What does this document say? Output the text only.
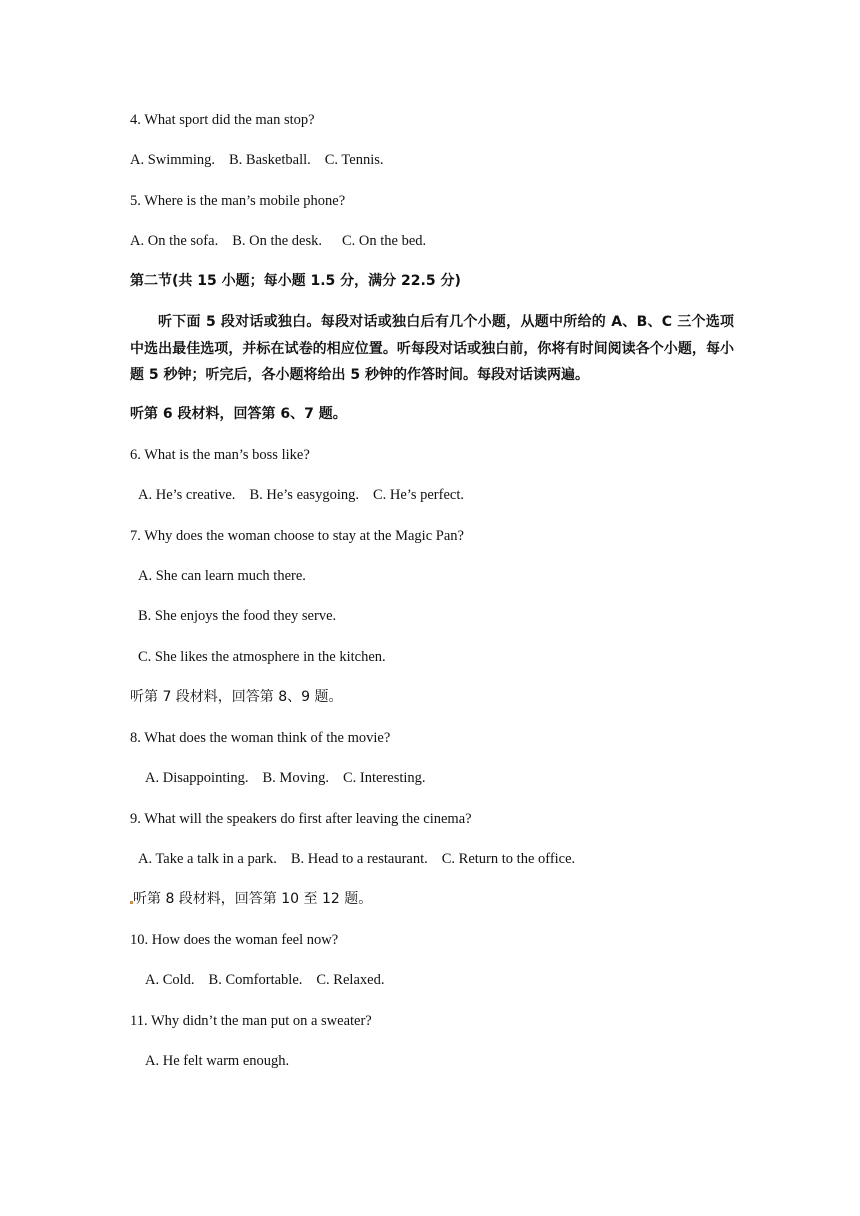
4. What sport did the man stop?
A. Swimming. B. Basketball. C. Tennis.
5. Where is the man’s mobile phone?
A. On the sofa. B. On the desk. C. On the bed.
第二节(共 15 小题；每小题 1.5 分，满分 22.5 分)
听下面 5 段对话或独白。每段对话或独白后有几个小题，从题中所给的 A、B、C 三个选项中选出最佳选项，并标在试卷的相应位置。听每段对话或独白前，你将有时间阅读各个小题，每小题 5 秒钟；听完后，各小题将给出 5 秒钟的作答时间。每段对话读两遍。
听第 6 段材料，回答第 6、7 题。
6. What is the man’s boss like?
A. He’s creative. B. He’s easygoing. C. He’s perfect.
7. Why does the woman choose to stay at the Magic Pan?
A. She can learn much there.
B. She enjoys the food they serve.
C. She likes the atmosphere in the kitchen.
听第 7 段材料，回答第 8、9 题。
8. What does the woman think of the movie?
A. Disappointing. B. Moving. C. Interesting.
9. What will the speakers do first after leaving the cinema?
A. Take a talk in a park. B. Head to a restaurant. C. Return to the office.
听第 8 段材料，回答第 10 至 12 题。
10. How does the woman feel now?
A. Cold. B. Comfortable. C. Relaxed.
11. Why didn’t the man put on a sweater?
A. He felt warm enough.
